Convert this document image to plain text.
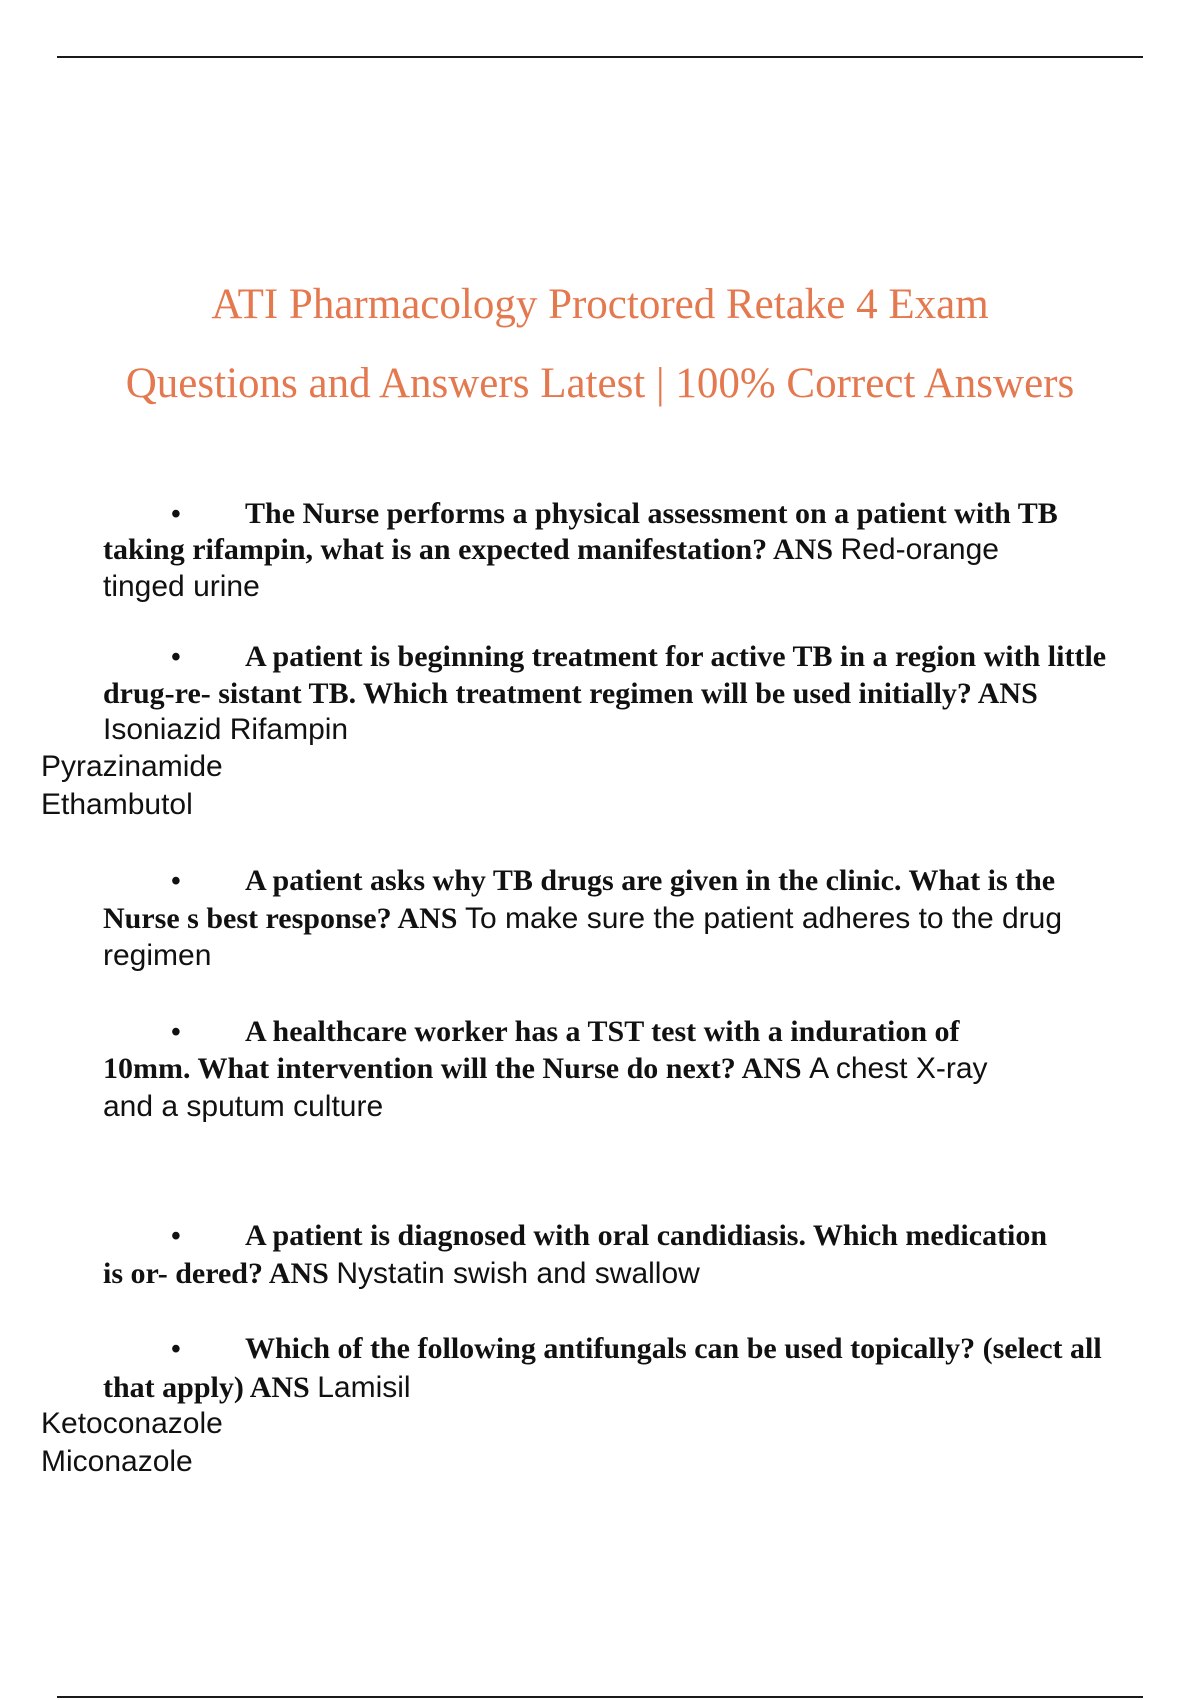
ATI Pharmacology Proctored Retake 4 Exam
Questions and Answers Latest | 100% Correct Answers
• The Nurse performs a physical assessment on a patient with TB
taking rifampin, what is an expected manifestation? ANS Red-orange
tinged urine
• A patient is beginning treatment for active TB in a region with little
drug-re- sistant TB. Which treatment regimen will be used initially? ANS
Isoniazid Rifampin
Pyrazinamide
Ethambutol
• A patient asks why TB drugs are given in the clinic. What is the
Nurse s best response? ANS To make sure the patient adheres to the drug
regimen
• A healthcare worker has a TST test with a induration of
10mm. What intervention will the Nurse do next? ANS A chest X-ray
and a sputum culture
• A patient is diagnosed with oral candidiasis. Which medication
is or- dered? ANS Nystatin swish and swallow
• Which of the following antifungals can be used topically? (select all
that apply) ANS Lamisil
Ketoconazole
Miconazole
